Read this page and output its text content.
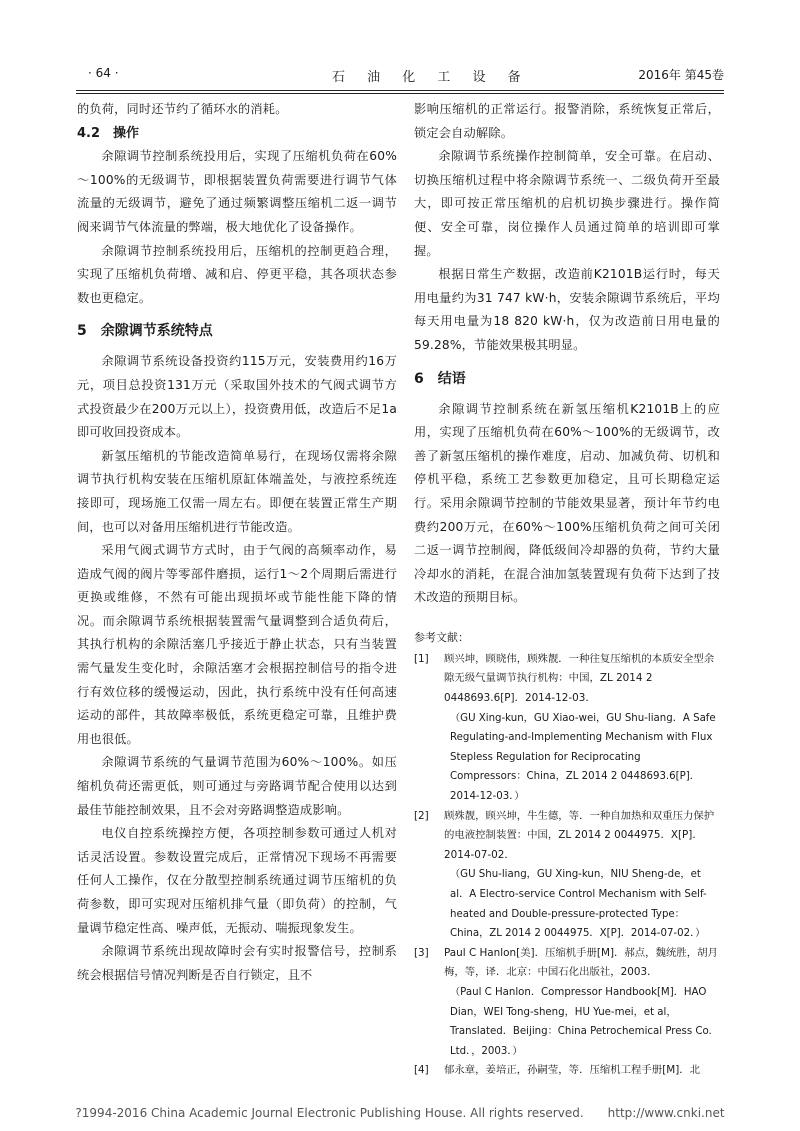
· 64 ·	石 油 化 工 设 备	2016年 第45卷

的负荷，同时还节约了循环水的消耗。

4.2　操作

余隙调节控制系统投用后，实现了压缩机负荷在60%～100%的无级调节，即根据装置负荷需要进行调节气体流量的无级调节，避免了通过频繁调整压缩机二返一调节阀来调节气体流量的弊端，极大地优化了设备操作。

余隙调节控制系统投用后，压缩机的控制更趋合理，实现了压缩机负荷增、减和启、停更平稳，其各项状态参数也更稳定。

5　余隙调节系统特点

余隙调节系统设备投资约115万元，安装费用约16万元，项目总投资131万元（采取国外技术的气阀式调节方式投资最少在200万元以上），投资费用低，改造后不足1a即可收回投资成本。

新氢压缩机的节能改造简单易行，在现场仅需将余隙调节执行机构安装在压缩机原缸体端盖处，与液控系统连接即可，现场施工仅需一周左右。即便在装置正常生产期间，也可以对备用压缩机进行节能改造。

采用气阀式调节方式时，由于气阀的高频率动作，易造成气阀的阀片等零部件磨损，运行1～2个周期后需进行更换或维修，不然有可能出现损坏或节能性能下降的情况。而余隙调节系统根据装置需气量调整到合适负荷后，其执行机构的余隙活塞几乎接近于静止状态，只有当装置需气量发生变化时，余隙活塞才会根据控制信号的指令进行有效位移的缓慢运动，因此，执行系统中没有任何高速运动的部件，其故障率极低，系统更稳定可靠，且维护费用也很低。

余隙调节系统的气量调节范围为60%～100%。如压缩机负荷还需更低，则可通过与旁路调节配合使用以达到最佳节能控制效果，且不会对旁路调整造成影响。

电仪自控系统操控方便，各项控制参数可通过人机对话灵活设置。参数设置完成后，正常情况下现场不再需要任何人工操作，仅在分散型控制系统通过调节压缩机的负荷参数，即可实现对压缩机排气量（即负荷）的控制，气量调节稳定性高、噪声低，无振动、喘振现象发生。

余隙调节系统出现故障时会有实时报警信号，控制系统会根据信号情况判断是否自行锁定，且不

影响压缩机的正常运行。报警消除，系统恢复正常后，锁定会自动解除。

余隙调节系统操作控制简单，安全可靠。在启动、切换压缩机过程中将余隙调节系统一、二级负荷开至最大，即可按正常压缩机的启机切换步骤进行。操作简便、安全可靠，岗位操作人员通过简单的培训即可掌握。

根据日常生产数据，改造前K2101B运行时，每天用电量约为31 747 kW·h，安装余隙调节系统后，平均每天用电量为18 820 kW·h，仅为改造前日用电量的59.28%，节能效果极其明显。

6　结语

余隙调节控制系统在新氢压缩机K2101B上的应用，实现了压缩机负荷在60%～100%的无级调节，改善了新氢压缩机的操作难度，启动、加减负荷、切机和停机平稳，系统工艺参数更加稳定，且可长期稳定运行。采用余隙调节控制的节能效果显著，预计年节约电费约200万元，在60%～100%压缩机负荷之间可关闭二返一调节控制阀，降低级间冷却器的负荷，节约大量冷却水的消耗，在混合油加氢装置现有负荷下达到了技术改造的预期目标。

参考文献：

[1] 顾兴坤，顾晓伟，顾殊靓．一种往复压缩机的本质安全型余隙无级气量调节执行机构：中国，ZL 2014 2 0448693.6[P]．2014-12-03．
（GU Xing-kun，GU Xiao-wei，GU Shu-liang．A Safe Regulating-and-Implementing Mechanism with Flux Stepless Regulation for Reciprocating Compressors：China，ZL 2014 2 0448693.6[P]．2014-12-03．）
[2] 顾殊靓，顾兴坤，牛生德，等．一种自加热和双重压力保护的电液控制装置：中国，ZL 2014 2 0044975．X[P]．2014-07-02．
（GU Shu-liang，GU Xing-kun，NIU Sheng-de，et al．A Electro-service Control Mechanism with Self-heated and Double-pressure-protected Type：China，ZL 2014 2 0044975．X[P]．2014-07-02．）
[3] Paul C Hanlon[美]．压缩机手册[M]．郝点，魏统胜，胡月梅，等，译．北京：中国石化出版社，2003．
（Paul C Hanlon．Compressor Handbook[M]．HAO Dian，WEI Tong-sheng，HU Yue-mei，et al，Translated．Beijing：China Petrochemical Press Co. Ltd．，2003．）
[4] 郁永章，姜培正，孙嗣莹，等．压缩机工程手册[M]．北
?1994-2016 China Academic Journal Electronic Publishing House. All rights reserved.　　http://www.cnki.net
